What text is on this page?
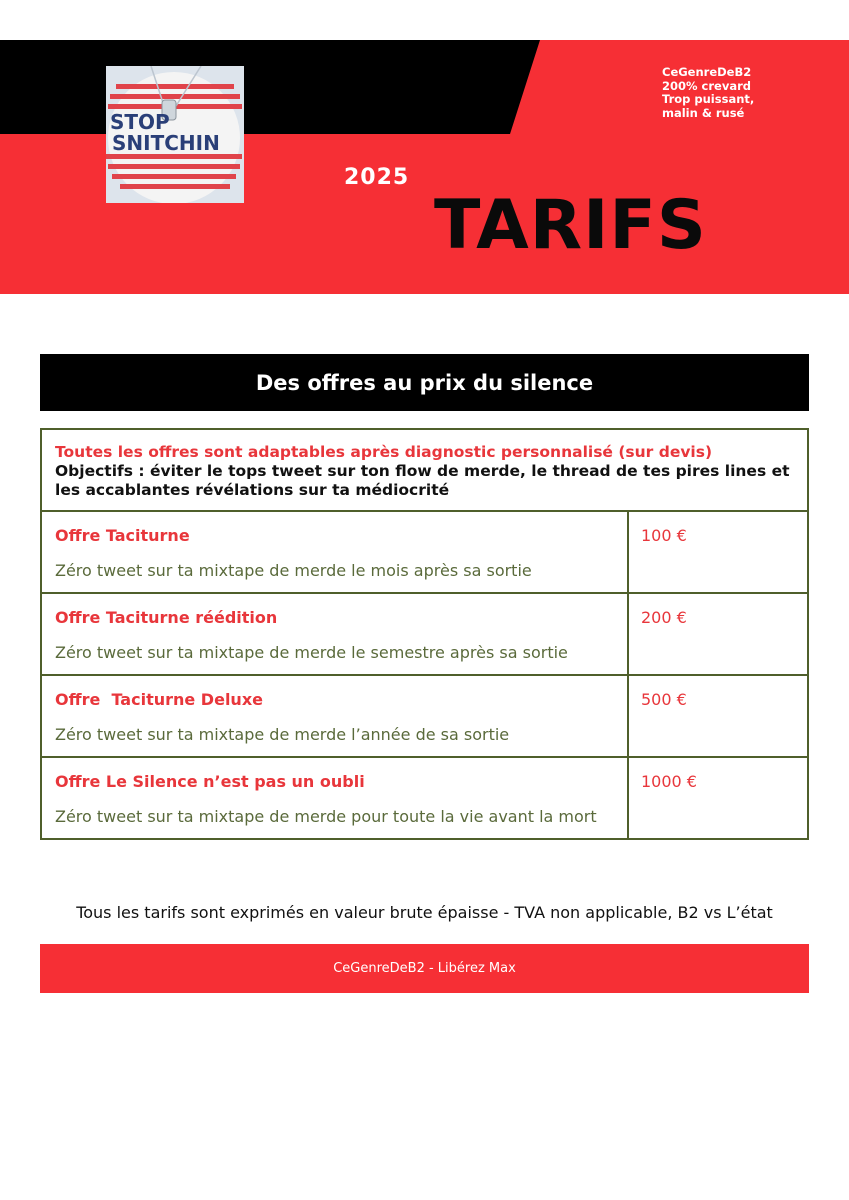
STOP
SNITCHIN
CeGenreDeB2
200% crevard
Trop puissant,
malin & rusé
2025
TARIFS
Des offres au prix du silence
Toutes les offres sont adaptables après diagnostic personnalisé (sur devis)
Objectifs : éviter le tops tweet sur ton flow de merde, le thread de tes pires lines et les accablantes révélations sur ta médiocrité
Offre Taciturne
Zéro tweet sur ta mixtape de merde le mois après sa sortie
100 €
Offre Taciturne réédition
Zéro tweet sur ta mixtape de merde le semestre après sa sortie
200 €
Offre  Taciturne Deluxe
Zéro tweet sur ta mixtape de merde l’année de sa sortie
500 €
Offre Le Silence n’est pas un oubli
Zéro tweet sur ta mixtape de merde pour toute la vie avant la mort
1000 €
Tous les tarifs sont exprimés en valeur brute épaisse - TVA non applicable, B2 vs L’état
CeGenreDeB2 - Libérez Max
